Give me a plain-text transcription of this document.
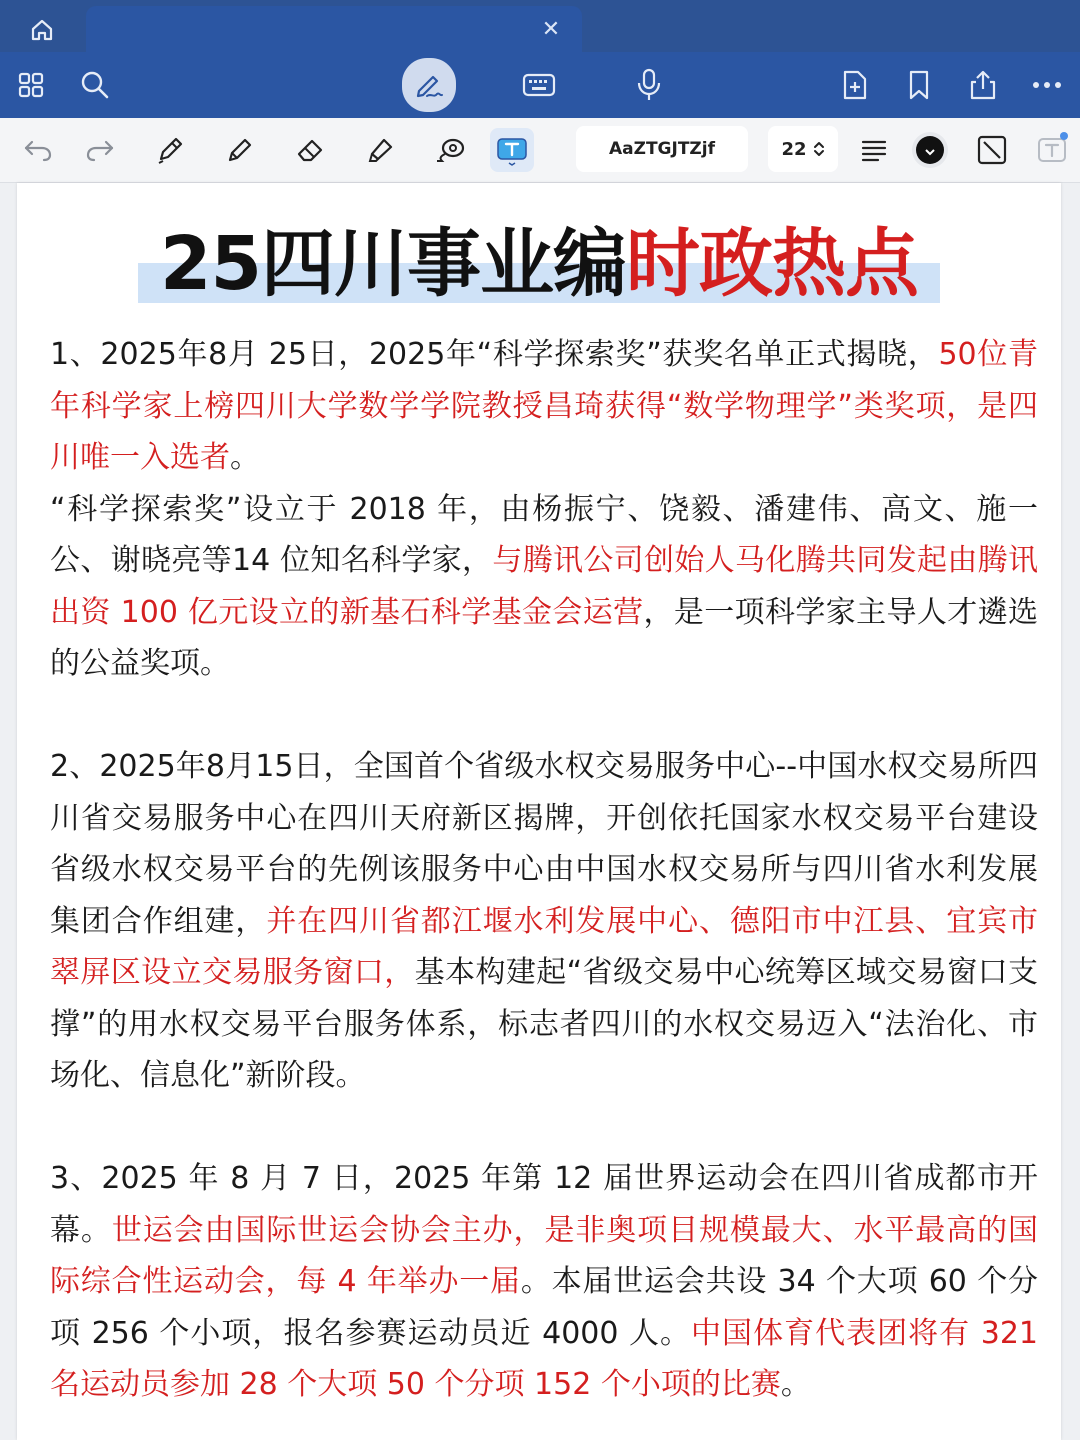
✕
AaZTGJTZjf	22
25四川事业编时政热点

1、2025年8月 25日，2025年“科学探索奖”获奖名单正式揭晓，50位青年科学家上榜四川大学数学学院教授昌琦获得“数学物理学”类奖项，是四川唯一入选者。

“科学探索奖”设立于 2018 年，由杨振宁、饶毅、潘建伟、高文、施一公、谢晓亮等14 位知名科学家，与腾讯公司创始人马化腾共同发起由腾讯出资 100 亿元设立的新基石科学基金会运营，是一项科学家主导人才遴选的公益奖项。

2、2025年8月15日，全国首个省级水权交易服务中心--中国水权交易所四川省交易服务中心在四川天府新区揭牌，开创依托国家水权交易平台建设省级水权交易平台的先例该服务中心由中国水权交易所与四川省水利发展集团合作组建，并在四川省都江堰水利发展中心、德阳市中江县、宜宾市翠屏区设立交易服务窗口，基本构建起“省级交易中心统筹区域交易窗口支撑”的用水权交易平台服务体系，标志者四川的水权交易迈入“法治化、市场化、信息化”新阶段。

3、2025 年 8 月 7 日，2025 年第 12 届世界运动会在四川省成都市开幕。世运会由国际世运会协会主办，是非奥项目规模最大、水平最高的国际综合性运动会，每 4 年举办一届。本届世运会共设 34 个大项 60 个分项 256 个小项，报名参赛运动员近 4000 人。中国体育代表团将有 321 名运动员参加 28 个大项 50 个分项 152 个小项的比赛。
